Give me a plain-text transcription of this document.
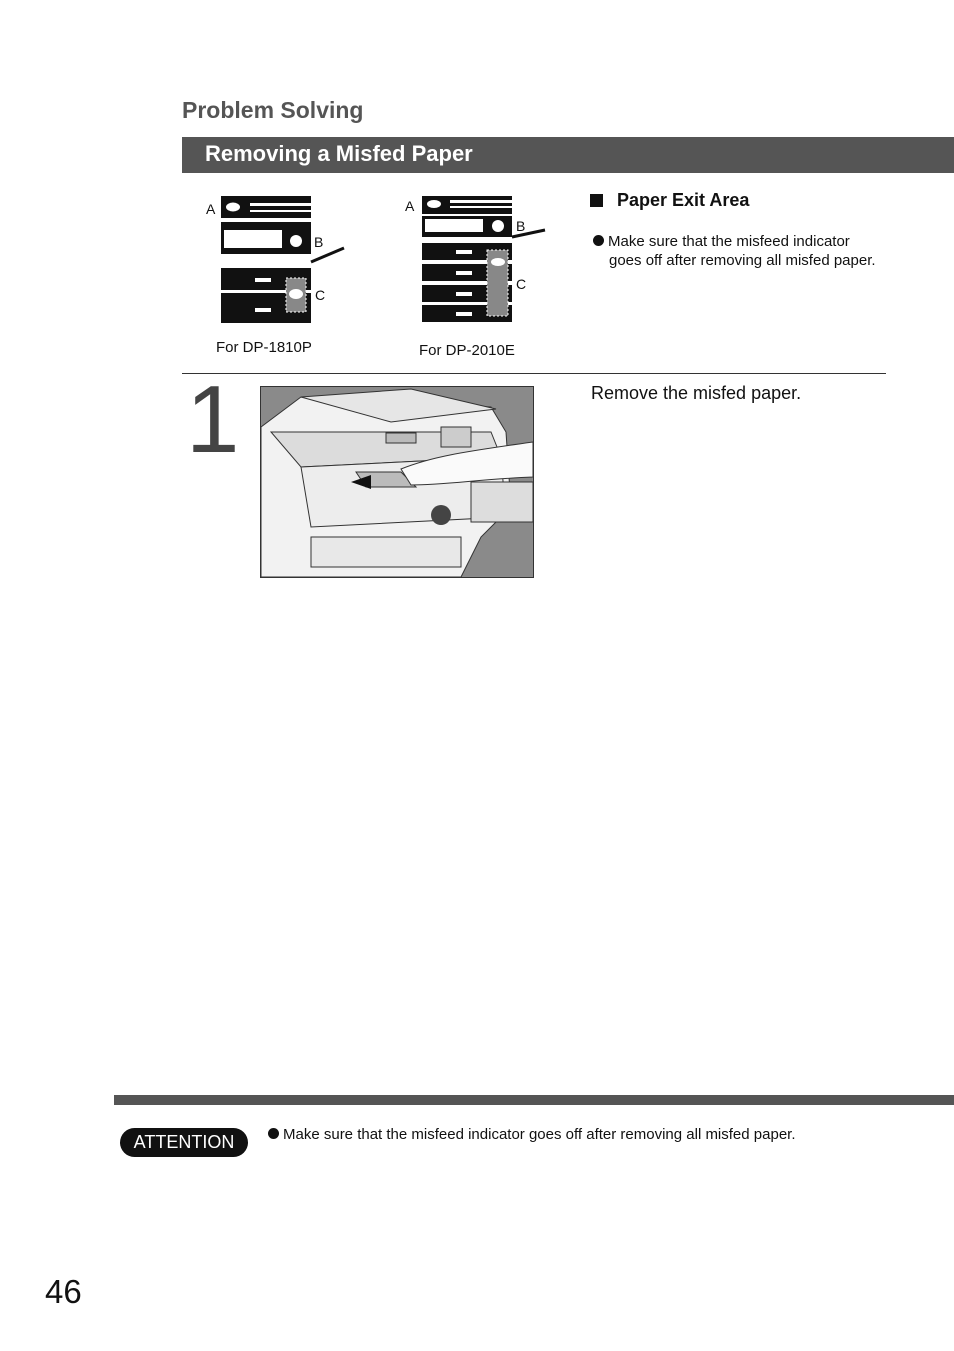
Problem Solving
Removing a Misfed Paper
A
B
C
For DP-1810P
A
B
C
For DP-2010E
Paper Exit Area
Make sure that the misfeed indicator goes off after removing all misfed paper.
1	Remove the misfed paper.
ATTENTION	Make sure that the misfeed indicator goes off after removing all misfed paper.
46
